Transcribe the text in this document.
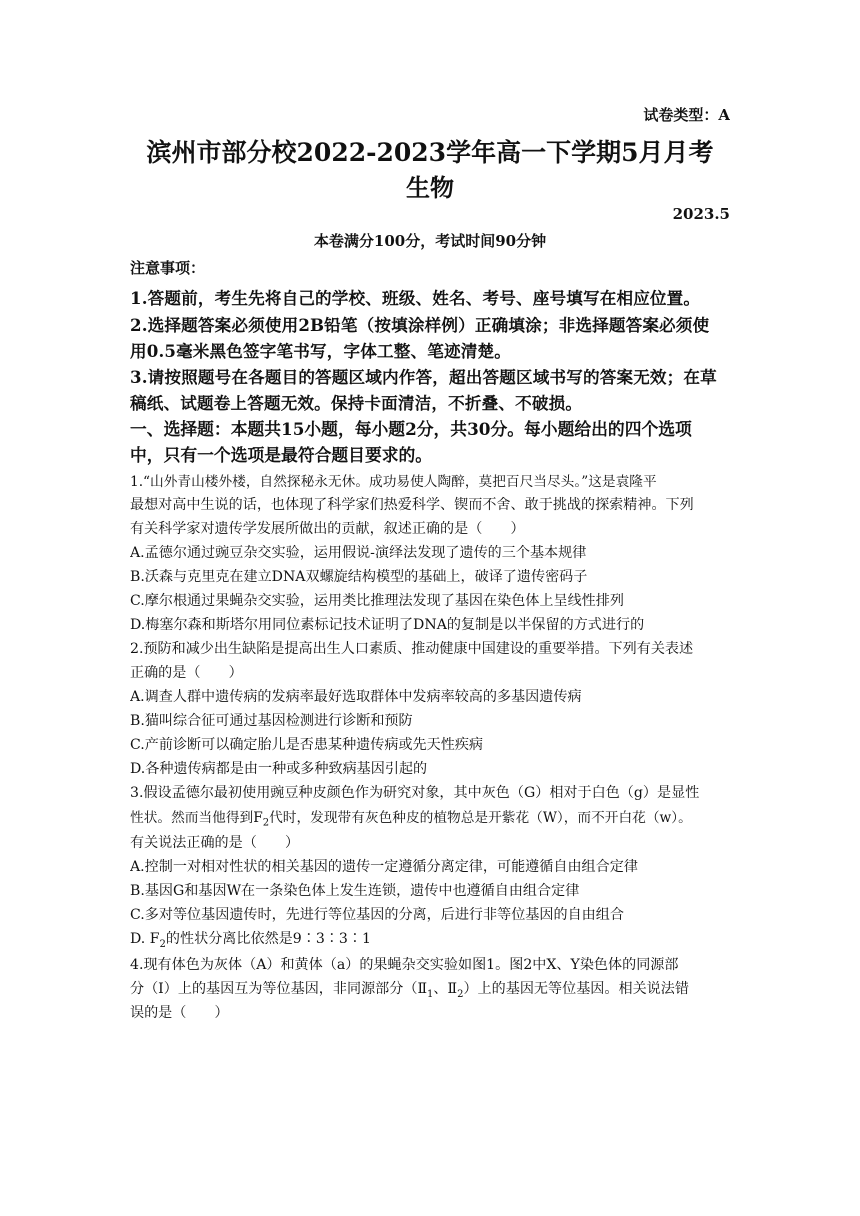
试卷类型：A
滨州市部分校2022-2023学年高一下学期5月月考
生物
2023.5
本卷满分100分，考试时间90分钟
注意事项：
1.答题前，考生先将自己的学校、班级、姓名、考号、座号填写在相应位置。
2.选择题答案必须使用2B铅笔（按填涂样例）正确填涂；非选择题答案必须使
用0.5毫米黑色签字笔书写，字体工整、笔迹清楚。
3.请按照题号在各题目的答题区域内作答，超出答题区域书写的答案无效；在草
稿纸、试题卷上答题无效。保持卡面清洁，不折叠、不破损。
一、选择题：本题共15小题，每小题2分，共30分。每小题给出的四个选项
中，只有一个选项是最符合题目要求的。
1.“山外青山楼外楼，自然探秘永无休。成功易使人陶醉，莫把百尺当尽头。”这是袁隆平
最想对高中生说的话，也体现了科学家们热爱科学、锲而不舍、敢于挑战的探索精神。下列
有关科学家对遗传学发展所做出的贡献，叙述正确的是（　　）
A.孟德尔通过豌豆杂交实验，运用假说-演绎法发现了遗传的三个基本规律
B.沃森与克里克在建立DNA双螺旋结构模型的基础上，破译了遗传密码子
C.摩尔根通过果蝇杂交实验，运用类比推理法发现了基因在染色体上呈线性排列
D.梅塞尔森和斯塔尔用同位素标记技术证明了DNA的复制是以半保留的方式进行的
2.预防和减少出生缺陷是提高出生人口素质、推动健康中国建设的重要举措。下列有关表述
正确的是（　　）
A.调查人群中遗传病的发病率最好选取群体中发病率较高的多基因遗传病
B.猫叫综合征可通过基因检测进行诊断和预防
C.产前诊断可以确定胎儿是否患某种遗传病或先天性疾病
D.各种遗传病都是由一种或多种致病基因引起的
3.假设孟德尔最初使用豌豆种皮颜色作为研究对象，其中灰色（G）相对于白色（g）是显性
性状。然而当他得到$F_2$代时，发现带有灰色种皮的植物总是开紫花（W），而不开白花（w）。
有关说法正确的是（　　）
A.控制一对相对性状的相关基因的遗传一定遵循分离定律，可能遵循自由组合定律
B.基因G和基因W在一条染色体上发生连锁，遗传中也遵循自由组合定律
C.多对等位基因遗传时，先进行等位基因的分离，后进行非等位基因的自由组合
D. $F_2$的性状分离比依然是9∶3∶3∶1
4.现有体色为灰体（A）和黄体（a）的果蝇杂交实验如图1。图2中X、Y染色体的同源部
分（I）上的基因互为等位基因，非同源部分（$Ⅱ_1$、$Ⅱ_2$）上的基因无等位基因。相关说法错
误的是（　　）
